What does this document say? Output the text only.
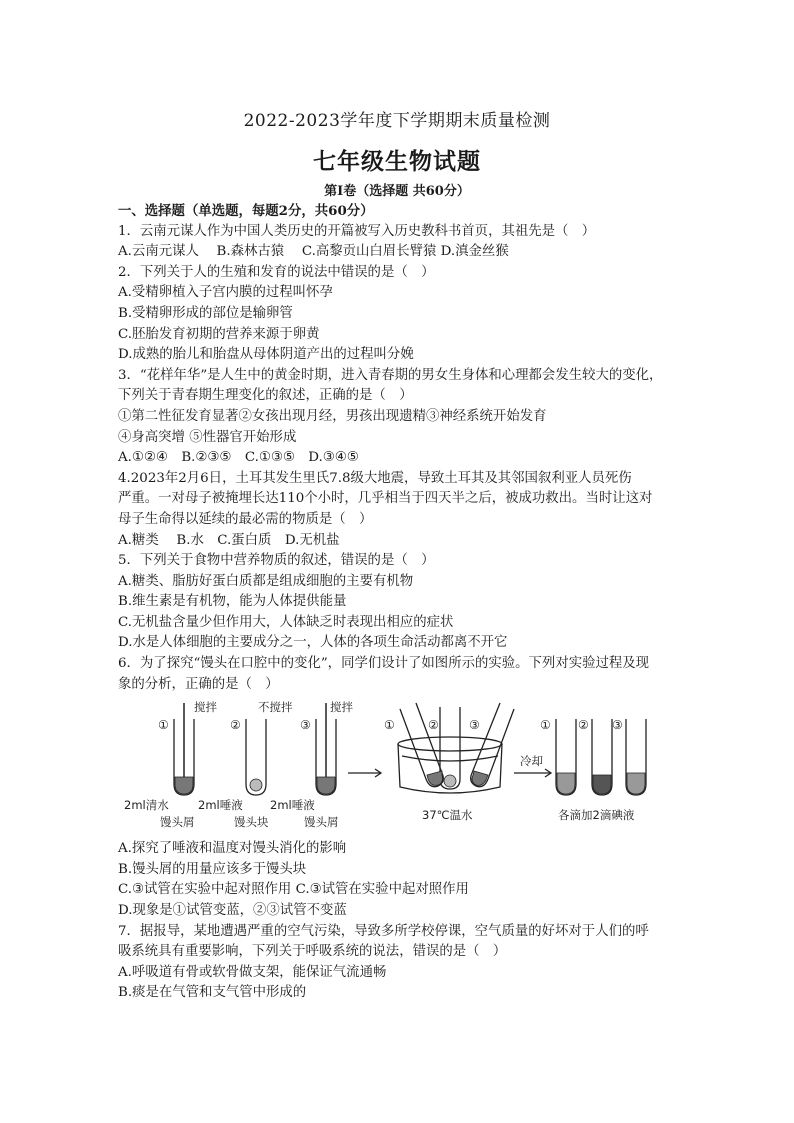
2022-2023学年度下学期期末质量检测
七年级生物试题
第Ⅰ卷（选择题 共60分）
一、选择题（单选题，每题2分，共60分）
1．云南元谋人作为中国人类历史的开篇被写入历史教科书首页，其祖先是（　）
A.云南元谋人　 B.森林古猿　 C.高黎贡山白眉长臂猿 D.滇金丝猴
2．下列关于人的生殖和发育的说法中错误的是（　）
A.受精卵植入子宫内膜的过程叫怀孕
B.受精卵形成的部位是输卵管
C.胚胎发育初期的营养来源于卵黄
D.成熟的胎儿和胎盘从母体阴道产出的过程叫分娩
3．“花样年华”是人生中的黄金时期，进入青春期的男女生身体和心理都会发生较大的变化，
下列关于青春期生理变化的叙述，正确的是（　）
①第二性征发育显著②女孩出现月经，男孩出现遗精③神经系统开始发育
④身高突增 ⑤性器官开始形成
A.①②④　B.②③⑤　C.①③⑤　D.③④⑤
4.2023年2月6日，土耳其发生里氏7.8级大地震，导致土耳其及其邻国叙利亚人员死伤
严重。一对母子被掩埋长达110个小时，几乎相当于四天半之后，被成功救出。当时让这对
母子生命得以延续的最必需的物质是（　）
A.糖类　 B.水　C.蛋白质　D.无机盐
5．下列关于食物中营养物质的叙述，错误的是（　）
A.糖类、脂肪好蛋白质都是组成细胞的主要有机物
B.维生素是有机物，能为人体提供能量
C.无机盐含量少但作用大，人体缺乏时表现出相应的症状
D.水是人体细胞的主要成分之一，人体的各项生命活动都离不开它
6．为了探究“馒头在口腔中的变化”，同学们设计了如图所示的实验。下列对实验过程及现
象的分析，正确的是（　）
①	②	③
搅拌	不搅拌	搅拌
2ml清水	2ml唾液 2ml唾液
馒头屑	馒头块	馒头屑
①	②	③
37℃温水
冷却
① ② ③
各滴加2滴碘液
A.探究了唾液和温度对馒头消化的影响
B.馒头屑的用量应该多于馒头块
C.③试管在实验中起对照作用 C.③试管在实验中起对照作用
D.现象是①试管变蓝，②③试管不变蓝
7．据报导，某地遭遇严重的空气污染，导致多所学校停课，空气质量的好坏对于人们的呼
吸系统具有重要影响，下列关于呼吸系统的说法，错误的是（　）
A.呼吸道有骨或软骨做支架，能保证气流通畅
B.痰是在气管和支气管中形成的
